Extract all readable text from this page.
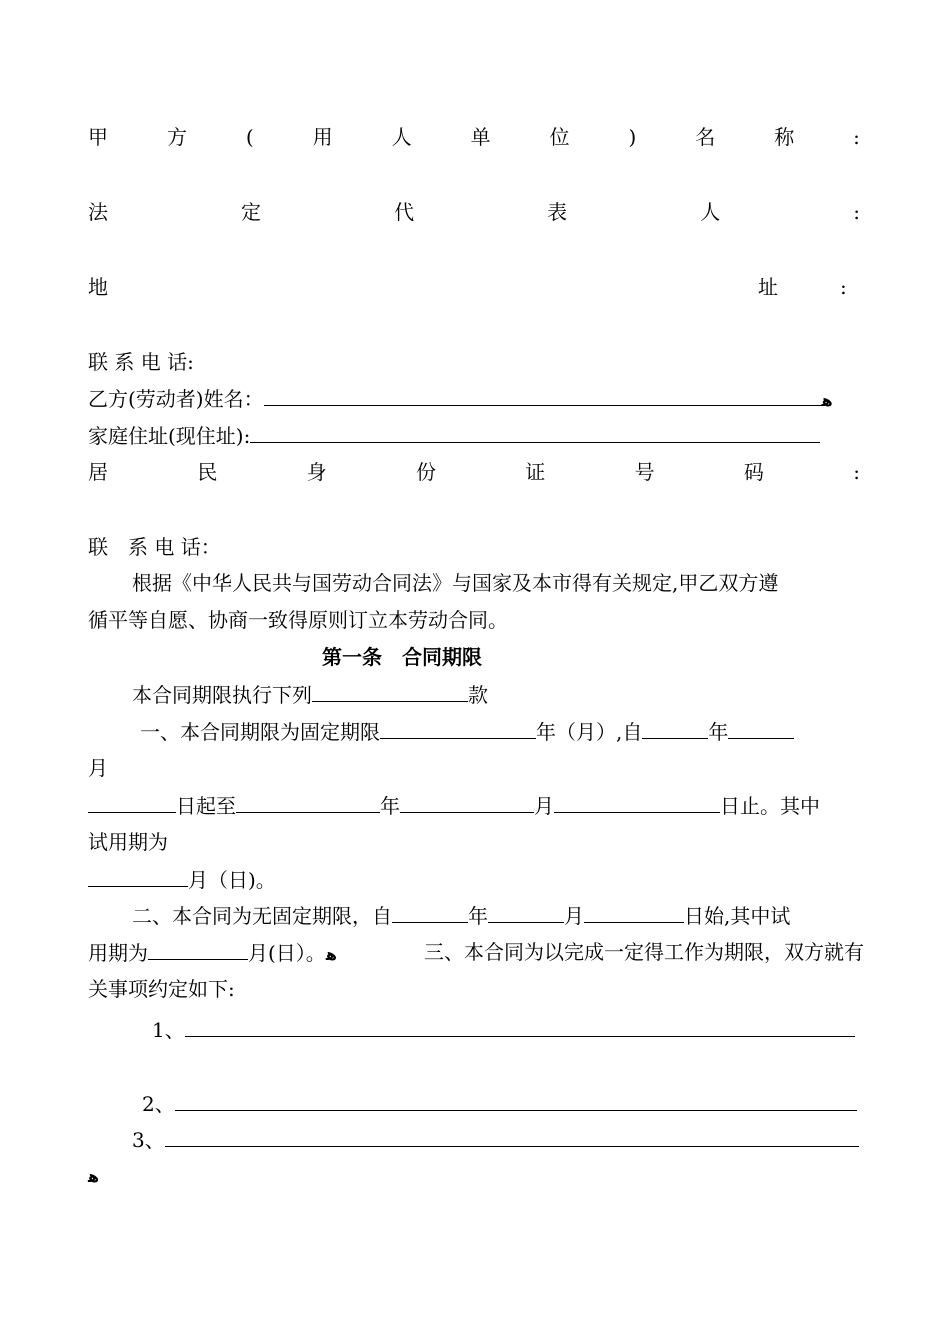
甲	方	(	用	人	单	位	)	名	称	:
法	定	代	表	人	:
地	址	:
联 系 电 话:
乙方(劳动者)姓名：	ﻫ
家庭住址(现住址):
居	民	身	份	证	号	码	:
联　系 电 话：
根据《中华人民共与国劳动合同法》与国家及本市得有关规定,甲乙双方遵
循平等自愿、协商一致得原则订立本劳动合同。
第一条　合同期限
本合同期限执行下列	款
一、本合同期限为固定期限	年（月）,自	年
月
日起至	年	月	日止。其中
试用期为
月（日)。
二、本合同为无固定期限，自	年	月	日始,其中试
用期为	月(日）。ﻫ	三、本合同为以完成一定得工作为期限，双方就有
关事项约定如下:
1、
2、
3、
ﻫ
